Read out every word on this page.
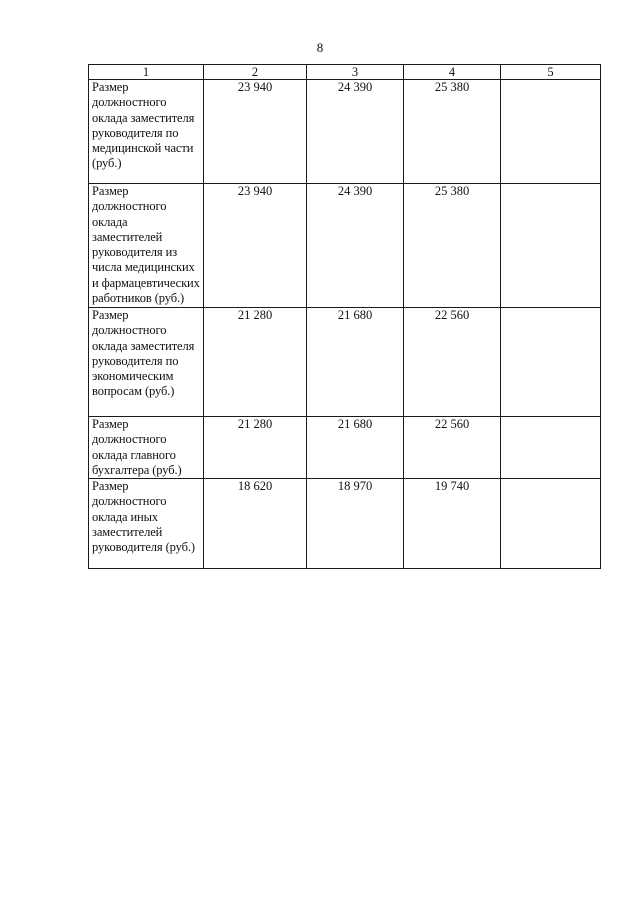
8
1	2	3	4	5
Размер должностного оклада заместителя руководителя по медицинской части (руб.)	23 940	24 390	25 380	
Размер должностного оклада заместителей руководителя из числа медицинских и фармацевтических работников (руб.)	23 940	24 390	25 380	
Размер должностного оклада заместителя руководителя по экономическим вопросам (руб.)	21 280	21 680	22 560	
Размер должностного оклада главного бухгалтера (руб.)	21 280	21 680	22 560	
Размер должностного оклада иных заместителей руководителя (руб.)	18 620	18 970	19 740	
